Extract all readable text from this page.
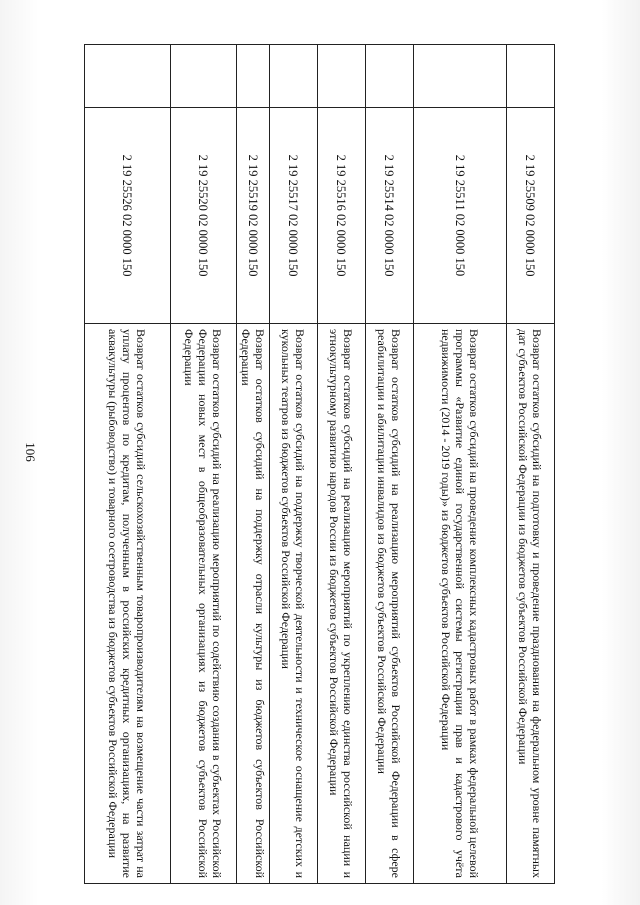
106
	2 19 25509 02 0000 150	Возврат остатков субсидий на подготовку и проведение празднования на федеральном уровне памятных дат субъектов Российской Федерации из бюджетов субъектов Российской Федерации
	2 19 25511 02 0000 150	Возврат остатков субсидий на проведение комплексных кадастровых работ в рамках федеральной целевой программы «Развитие единой государственной системы регистрации прав и кадастрового учёта недвижимости (2014 - 2019 годы)» из бюджетов субъектов Российской Федерации
	2 19 25514 02 0000 150	Возврат остатков субсидий на реализацию мероприятий субъектов Российской Федерации в сфере реабилитации и абилитации инвалидов из бюджетов субъектов Российской Федерации
	2 19 25516 02 0000 150	Возврат остатков субсидий на реализацию мероприятий по укреплению единства российской нации и этнокультурному развитию народов России из бюджетов субъектов Российской Федерации
	2 19 25517 02 0000 150	Возврат остатков субсидий на поддержку творческой деятельности и техническое оснащение детских и кукольных театров из бюджетов субъектов Российской Федерации
	2 19 25519 02 0000 150	Возврат остатков субсидий на поддержку отрасли культуры из бюджетов субъектов Российской Федерации
	2 19 25520 02 0000 150	Возврат остатков субсидий на реализацию мероприятий по содействию создания в субъектах Российской Федерации новых мест в общеобразовательных организациях из бюджетов субъектов Российской Федерации
	2 19 25526 02 0000 150	Возврат остатков субсидий сельскохозяйственным товаропроизводителям на возмещение части затрат на уплату процентов по кредитам, полученным в российских кредитных организациях, на развитие аквакультуры (рыбоводство) и товарного осетроводства из бюджетов субъектов Российской Федерации
